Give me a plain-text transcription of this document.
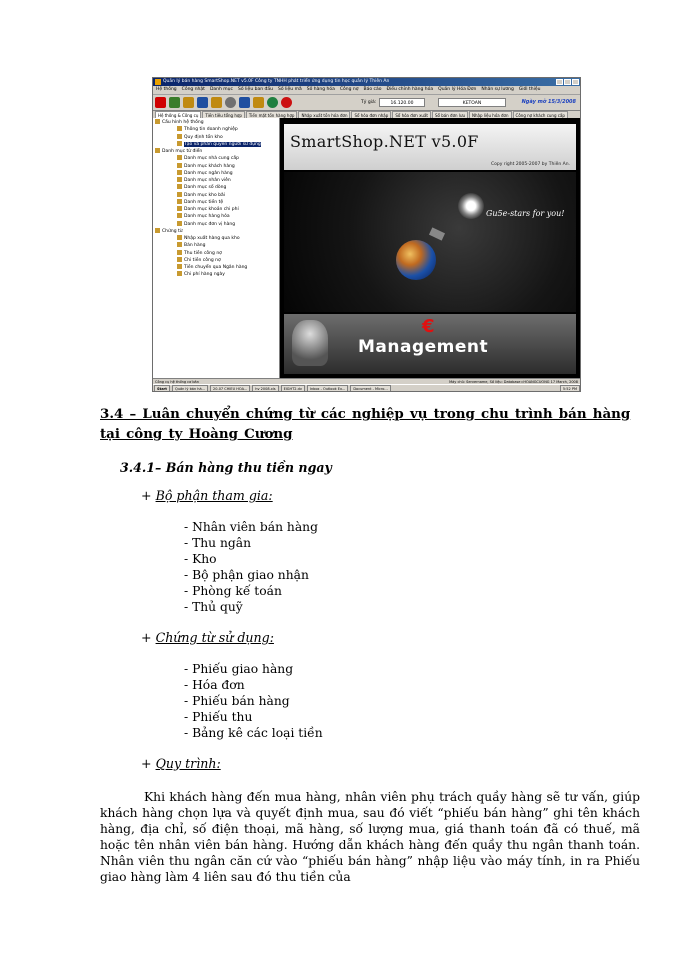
Quản lý bán hàng SmartShop.NET v5.0F Công ty TNHH phát triển ứng dụng tin học quản lý Thiên An
Hệ thống Công nhật Danh mục Số liệu ban đầu Số liệu mã Số hàng hóa Công nợ Báo cáo Điều chỉnh hàng hóa Quản lý Hóa Đơn Nhân sự lương Giới thiệu
Tỷ giá:	16.120.00	KETOAN	Ngày mở 15/3/2008
Hệ thống & Công cụ	Tiền tiêu tổng hợp	Tiền mặt tồn hàng hợp	Nhập xuất tồn hóa đơn	Sổ hóa đơn nhập	Sổ hóa đơn xuất	Sổ bán đơn lưu	Nhập liệu hóa đơn	Công nợ khách cung cấp
Cấu hình hệ thống
Thông tin doanh nghiệp
Quy định tồn kho
Tạo và phân quyền người sử dụng
Danh mục từ điển
Danh mục nhà cung cấp
Danh mục khách hàng
Danh mục ngân hàng
Danh mục nhân viên
Danh mục số dòng
Danh mục kho bãi
Danh mục tiền tệ
Danh mục khoản chi phí
Danh mục hàng hóa
Danh mục đơn vị hàng
Chứng từ
Nhập xuất hàng qua kho
Bán hàng
Thu tiền công nợ
Chi tiền công nợ
Tiền chuyển qua Ngân hàng
Chi phí hàng ngày
SmartShop.NET v5.0F
Copy right 2005-2007 by Thiên An.
Gu5e-stars for you!
€
Management
Công cụ hệ thống cơ bản	Máy chủ: Servername, Số liệu: Database=HOANGCUONG 17 March, 2008
Start	Quản lý bán hà...	20-07 CHIEU HOA...	hv 2008.xls	EIGHT2.dv	Inbox - Outlook Ex...	Document - Micro...	5:52 PM
3.4 – Luân chuyển chứng từ các nghiệp vụ trong chu trình bán hàng tại công ty Hoàng Cương
3.4.1– Bán hàng thu tiền ngay
+ Bộ phận tham gia:
- Nhân viên bán hàng
- Thu ngân
- Kho
- Bộ phận giao nhận
- Phòng kế toán
- Thủ quỹ
+ Chứng từ sử dụng:
- Phiếu giao hàng
- Hóa đơn
- Phiếu bán hàng
- Phiếu thu
- Bảng kê các loại tiền
+ Quy trình:
Khi khách hàng đến mua hàng, nhân viên phụ trách quầy hàng sẽ tư vấn, giúp khách hàng chọn lựa và quyết định mua, sau đó viết “phiếu bán hàng” ghi tên khách hàng, địa chỉ, số điện thoại, mã hàng, số lượng mua, giá thanh toán đã có thuế, mã hoặc tên nhân viên bán hàng. Hướng dẫn khách hàng đến quầy thu ngân thanh toán. Nhân viên thu ngân căn cứ vào “phiếu bán hàng” nhập liệu vào máy tính, in ra Phiếu giao hàng làm 4 liên sau đó thu tiền của
